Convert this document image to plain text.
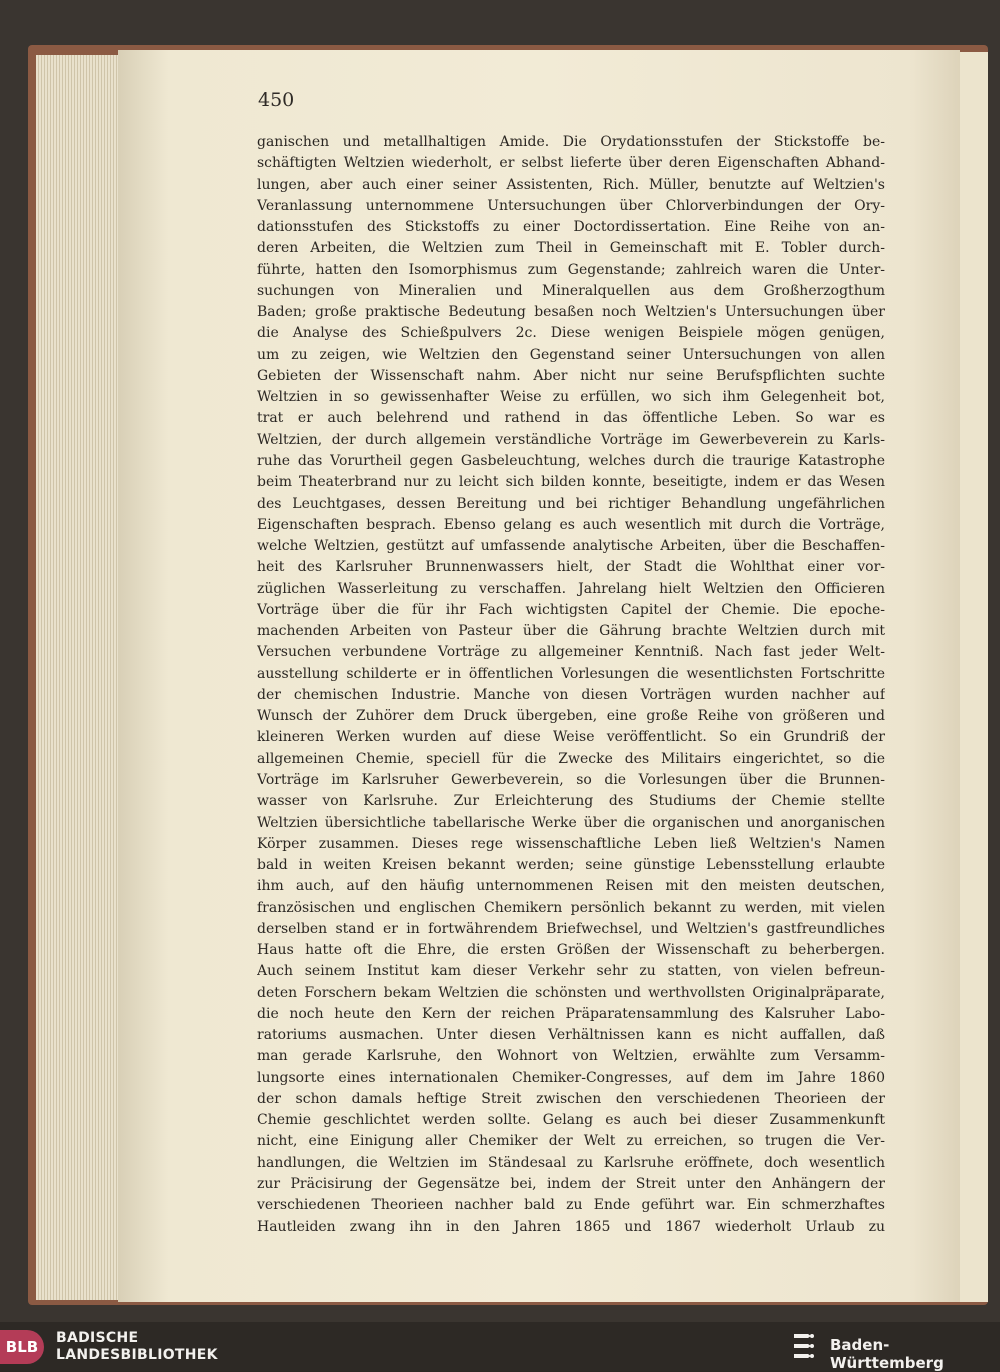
450
ganischen und metallhaltigen Amide. Die Orydationsstufen der Stickstoffe be-
schäftigten Weltzien wiederholt, er selbst lieferte über deren Eigenschaften Abhand-
lungen, aber auch einer seiner Assistenten, Rich. Müller, benutzte auf Weltzien's
Veranlassung unternommene Untersuchungen über Chlorverbindungen der Ory-
dationsstufen des Stickstoffs zu einer Doctordissertation. Eine Reihe von an-
deren Arbeiten, die Weltzien zum Theil in Gemeinschaft mit E. Tobler durch-
führte, hatten den Isomorphismus zum Gegenstande; zahlreich waren die Unter-
suchungen von Mineralien und Mineralquellen aus dem Großherzogthum
Baden; große praktische Bedeutung besaßen noch Weltzien's Untersuchungen über
die Analyse des Schießpulvers 2c. Diese wenigen Beispiele mögen genügen,
um zu zeigen, wie Weltzien den Gegenstand seiner Untersuchungen von allen
Gebieten der Wissenschaft nahm. Aber nicht nur seine Berufspflichten suchte
Weltzien in so gewissenhafter Weise zu erfüllen, wo sich ihm Gelegenheit bot,
trat er auch belehrend und rathend in das öffentliche Leben. So war es
Weltzien, der durch allgemein verständliche Vorträge im Gewerbeverein zu Karls-
ruhe das Vorurtheil gegen Gasbeleuchtung, welches durch die traurige Katastrophe
beim Theaterbrand nur zu leicht sich bilden konnte, beseitigte, indem er das Wesen
des Leuchtgases, dessen Bereitung und bei richtiger Behandlung ungefährlichen
Eigenschaften besprach. Ebenso gelang es auch wesentlich mit durch die Vorträge,
welche Weltzien, gestützt auf umfassende analytische Arbeiten, über die Beschaffen-
heit des Karlsruher Brunnenwassers hielt, der Stadt die Wohlthat einer vor-
züglichen Wasserleitung zu verschaffen. Jahrelang hielt Weltzien den Officieren
Vorträge über die für ihr Fach wichtigsten Capitel der Chemie. Die epoche-
machenden Arbeiten von Pasteur über die Gährung brachte Weltzien durch mit
Versuchen verbundene Vorträge zu allgemeiner Kenntniß. Nach fast jeder Welt-
ausstellung schilderte er in öffentlichen Vorlesungen die wesentlichsten Fortschritte
der chemischen Industrie. Manche von diesen Vorträgen wurden nachher auf
Wunsch der Zuhörer dem Druck übergeben, eine große Reihe von größeren und
kleineren Werken wurden auf diese Weise veröffentlicht. So ein Grundriß der
allgemeinen Chemie, speciell für die Zwecke des Militairs eingerichtet, so die
Vorträge im Karlsruher Gewerbeverein, so die Vorlesungen über die Brunnen-
wasser von Karlsruhe. Zur Erleichterung des Studiums der Chemie stellte
Weltzien übersichtliche tabellarische Werke über die organischen und anorganischen
Körper zusammen. Dieses rege wissenschaftliche Leben ließ Weltzien's Namen
bald in weiten Kreisen bekannt werden; seine günstige Lebensstellung erlaubte
ihm auch, auf den häufig unternommenen Reisen mit den meisten deutschen,
französischen und englischen Chemikern persönlich bekannt zu werden, mit vielen
derselben stand er in fortwährendem Briefwechsel, und Weltzien's gastfreundliches
Haus hatte oft die Ehre, die ersten Größen der Wissenschaft zu beherbergen.
Auch seinem Institut kam dieser Verkehr sehr zu statten, von vielen befreun-
deten Forschern bekam Weltzien die schönsten und werthvollsten Originalpräparate,
die noch heute den Kern der reichen Präparatensammlung des Kalsruher Labo-
ratoriums ausmachen. Unter diesen Verhältnissen kann es nicht auffallen, daß
man gerade Karlsruhe, den Wohnort von Weltzien, erwählte zum Versamm-
lungsorte eines internationalen Chemiker-Congresses, auf dem im Jahre 1860
der schon damals heftige Streit zwischen den verschiedenen Theorieen der
Chemie geschlichtet werden sollte. Gelang es auch bei dieser Zusammenkunft
nicht, eine Einigung aller Chemiker der Welt zu erreichen, so trugen die Ver-
handlungen, die Weltzien im Ständesaal zu Karlsruhe eröffnete, doch wesentlich
zur Präcisirung der Gegensätze bei, indem der Streit unter den Anhängern der
verschiedenen Theorieen nachher bald zu Ende geführt war. Ein schmerzhaftes
Hautleiden zwang ihn in den Jahren 1865 und 1867 wiederholt Urlaub zu
BLB	BADISCHE
LANDESBIBLIOTHEK
Baden-Württemberg
